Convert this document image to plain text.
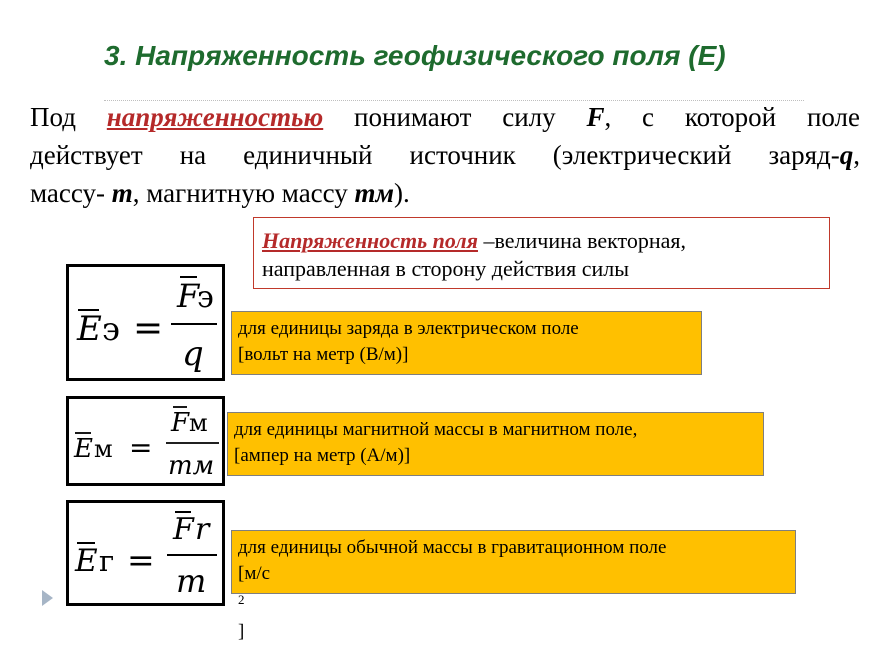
3. Напряженность геофизического поля (Е)
Под напряженностью понимают силу F, с которой поле
действует на единичный источник (электрический заряд-q,
массу- m, магнитную массу mм).
Напряженность поля –величина векторная,
направленная в сторону действия силы
E э =
F
э
q
для единицы заряда в электрическом поле
[вольт на метр (В/м)]
E м =
F м
mм
для единицы магнитной массы в магнитном поле,
[ампер на метр (А/м)]
E г =
F r
m
для единицы обычной массы в гравитационном поле
[м/с
$^2$
]
